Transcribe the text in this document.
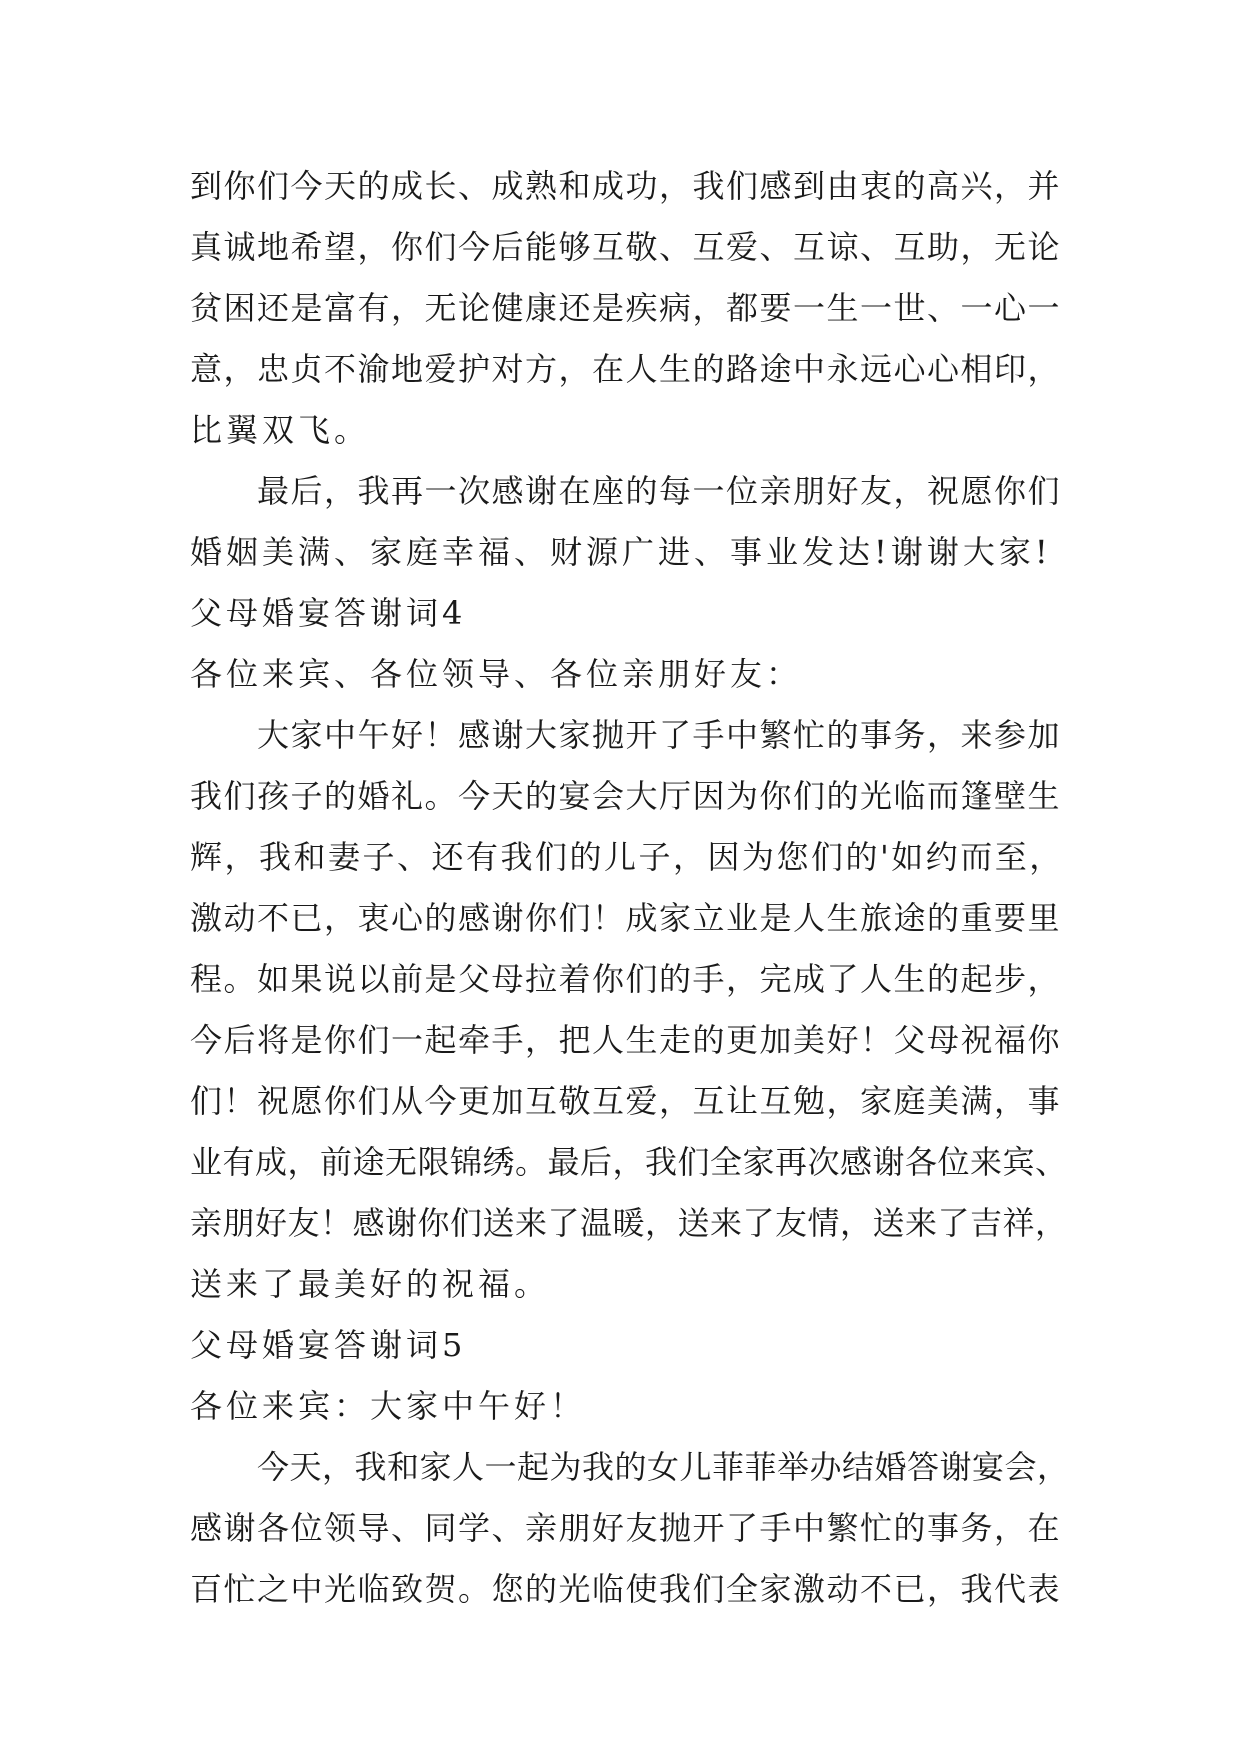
到你们今天的成长、成熟和成功，我们感到由衷的高兴，并
真诚地希望，你们今后能够互敬、互爱、互谅、互助，无论
贫困还是富有，无论健康还是疾病，都要一生一世、一心一
意，忠贞不渝地爱护对方，在人生的路途中永远心心相印，
比翼双飞。
最后，我再一次感谢在座的每一位亲朋好友，祝愿你们
婚姻美满、家庭幸福、财源广进、事业发达!谢谢大家!
父母婚宴答谢词4
各位来宾、各位领导、各位亲朋好友：
大家中午好！感谢大家抛开了手中繁忙的事务，来参加
我们孩子的婚礼。今天的宴会大厅因为你们的光临而篷壁生
辉，我和妻子、还有我们的儿子，因为您们的'如约而至，
激动不已，衷心的感谢你们！成家立业是人生旅途的重要里
程。如果说以前是父母拉着你们的手，完成了人生的起步，
今后将是你们一起牵手，把人生走的更加美好！父母祝福你
们！祝愿你们从今更加互敬互爱，互让互勉，家庭美满，事
业有成，前途无限锦绣。最后，我们全家再次感谢各位来宾、
亲朋好友！感谢你们送来了温暖，送来了友情，送来了吉祥，
送来了最美好的祝福。
父母婚宴答谢词5
各位来宾：大家中午好！
今天，我和家人一起为我的女儿菲菲举办结婚答谢宴会，
感谢各位领导、同学、亲朋好友抛开了手中繁忙的事务，在
百忙之中光临致贺。您的光临使我们全家激动不已，我代表
